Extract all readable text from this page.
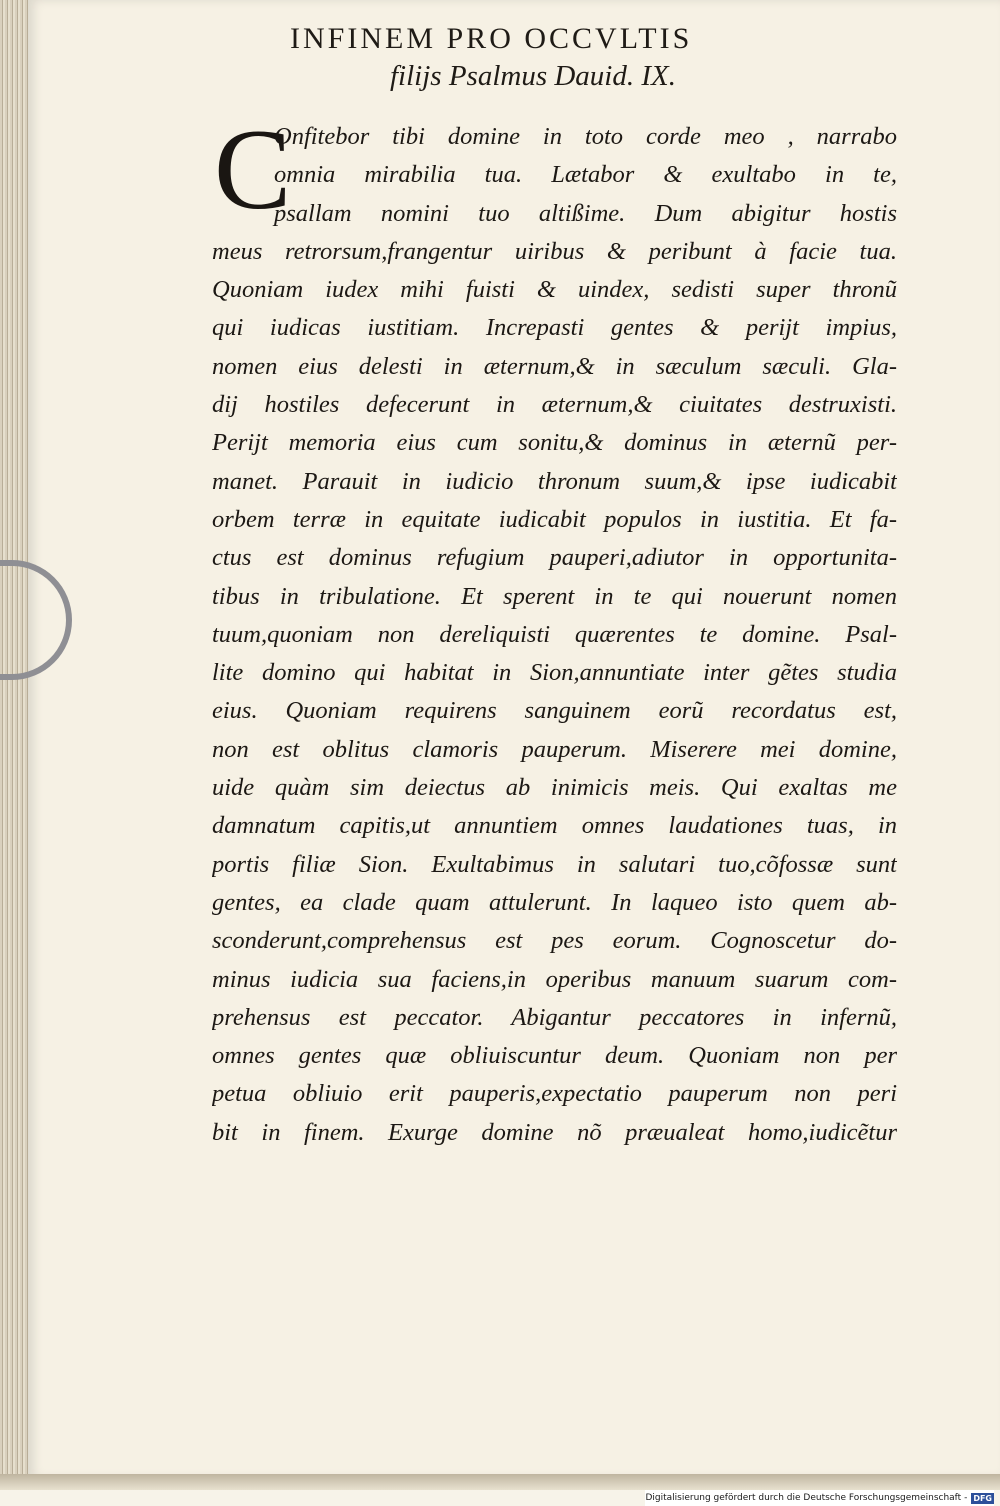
INFINEM PRO OCCVLTIS
filijs Psalmus Dauid. IX.
C
Onfitebor tibi domine in toto corde meo , narrabo
omnia mirabilia tua. Lætabor & exultabo in te,
psallam nomini tuo altißime. Dum abigitur hostis
meus retrorsum,frangentur uiribus & peribunt à facie tua.
Quoniam iudex mihi fuisti & uindex, sedisti super thronũ
qui iudicas iustitiam. Increpasti gentes & perijt impius,
nomen eius delesti in æternum,& in sæculum sæculi. Gla-
dij hostiles defecerunt in æternum,& ciuitates destruxisti.
Perijt memoria eius cum sonitu,& dominus in æternũ per-
manet. Parauit in iudicio thronum suum,& ipse iudicabit
orbem terræ in equitate iudicabit populos in iustitia. Et fa-
ctus est dominus refugium pauperi,adiutor in opportunita-
tibus in tribulatione. Et sperent in te qui nouerunt nomen
tuum,quoniam non dereliquisti quærentes te domine. Psal-
lite domino qui habitat in Sion,annuntiate inter gẽtes studia
eius. Quoniam requirens sanguinem eorũ recordatus est,
non est oblitus clamoris pauperum. Miserere mei domine,
uide quàm sim deiectus ab inimicis meis. Qui exaltas me
damnatum capitis,ut annuntiem omnes laudationes tuas, in
portis filiæ Sion. Exultabimus in salutari tuo,cõfossæ sunt
gentes, ea clade quam attulerunt. In laqueo isto quem ab-
sconderunt,comprehensus est pes eorum. Cognoscetur do-
minus iudicia sua faciens,in operibus manuum suarum com-
prehensus est peccator. Abigantur peccatores in infernũ,
omnes gentes quæ obliuiscuntur deum. Quoniam non per
petua obliuio erit pauperis,expectatio pauperum non peri
bit in finem. Exurge domine nõ præualeat homo,iudicẽtur
Digitalisierung gefördert durch die Deutsche Forschungsgemeinschaft - DFG
